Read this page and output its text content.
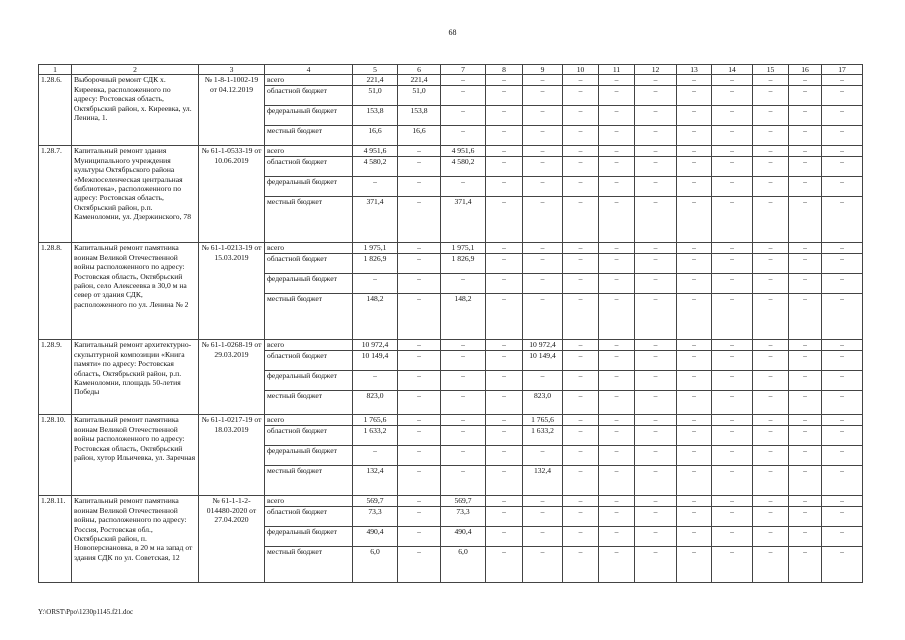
68
1	2	3	4	5	6	7	8	9	10	11	12	13	14	15	16	17
1.28.6.	Выборочный ремонт СДК х. Киреевка, расположенного по адресу: Ростовская область, Октябрьский район, х. Киреевка, ул. Ленина, 1.	№ 1-8-1-1002-19 от 04.12.2019	всего	221,4	221,4	–	–	–	–	–	–	–	–	–	–	–
			областной бюджет	51,0	51,0	–	–	–	–	–	–	–	–	–	–	–
			федеральный бюджет	153,8	153,8	–	–	–	–	–	–	–	–	–	–	–
			местный бюджет	16,6	16,6	–	–	–	–	–	–	–	–	–	–	–
1.28.7.	Капитальный ремонт здания Муниципального учреждения культуры Октябрьского района «Межпоселенческая центральная библиотека», расположенного по адресу: Ростовская область, Октябрьский район, р.п. Каменоломни, ул. Дзержинского, 78	№ 61-1-0533-19 от 10.06.2019	всего	4 951,6	–	4 951,6	–	–	–	–	–	–	–	–	–	–
			областной бюджет	4 580,2	–	4 580,2	–	–	–	–	–	–	–	–	–	–
			федеральный бюджет	–	–	–	–	–	–	–	–	–	–	–	–	–
			местный бюджет	371,4	–	371,4	–	–	–	–	–	–	–	–	–	–
1.28.8.	Капитальный ремонт памятника воинам Великой Отечественной войны расположенного по адресу: Ростовская область, Октябрьский район, село Алексеевка в 30,0 м на север от здания СДК, расположенного по ул. Ленина № 2	№ 61-1-0213-19 от 15.03.2019	всего	1 975,1	–	1 975,1	–	–	–	–	–	–	–	–	–	–
			областной бюджет	1 826,9	–	1 826,9	–	–	–	–	–	–	–	–	–	–
			федеральный бюджет	–	–	–	–	–	–	–	–	–	–	–	–	–
			местный бюджет	148,2	–	148,2	–	–	–	–	–	–	–	–	–	–
1.28.9.	Капитальный ремонт архитектурно-скульптурной композиции «Книга памяти» по адресу: Ростовская область, Октябрьский район, р.п. Каменоломни, площадь 50-летия Победы	№ 61-1-0268-19 от 29.03.2019	всего	10 972,4	–	–	–	10 972,4	–	–	–	–	–	–	–	–
			областной бюджет	10 149,4	–	–	–	10 149,4	–	–	–	–	–	–	–	–
			федеральный бюджет	–	–	–	–	–	–	–	–	–	–	–	–	–
			местный бюджет	823,0	–	–	–	823,0	–	–	–	–	–	–	–	–
1.28.10.	Капитальный ремонт памятника воинам Великой Отечественной войны расположенного по адресу: Ростовская область, Октябрьский район, хутор Ильичевка, ул. Заречная	№ 61-1-0217-19 от 18.03.2019	всего	1 765,6	–	–	–	1 765,6	–	–	–	–	–	–	–	–
			областной бюджет	1 633,2	–	–	–	1 633,2	–	–	–	–	–	–	–	–
			федеральный бюджет	–	–	–	–	–	–	–	–	–	–	–	–	–
			местный бюджет	132,4	–	–	–	132,4	–	–	–	–	–	–	–	–
1.28.11.	Капитальный ремонт памятника воинам Великой Отечественной войны, расположенного по адресу: Россия, Ростовская обл., Октябрьский район, п. Новоперсиановка, в 20 м на запад от здания СДК по ул. Советская, 12	№ 61-1-1-2-014480-2020 от 27.04.2020	всего	569,7	–	569,7	–	–	–	–	–	–	–	–	–	–
			областной бюджет	73,3	–	73,3	–	–	–	–	–	–	–	–	–	–
			федеральный бюджет	490,4	–	490,4	–	–	–	–	–	–	–	–	–	–
			местный бюджет	6,0	–	6,0	–	–	–	–	–	–	–	–	–	–
Y:\ORST\Ppo\1230p1145.f21.doc
